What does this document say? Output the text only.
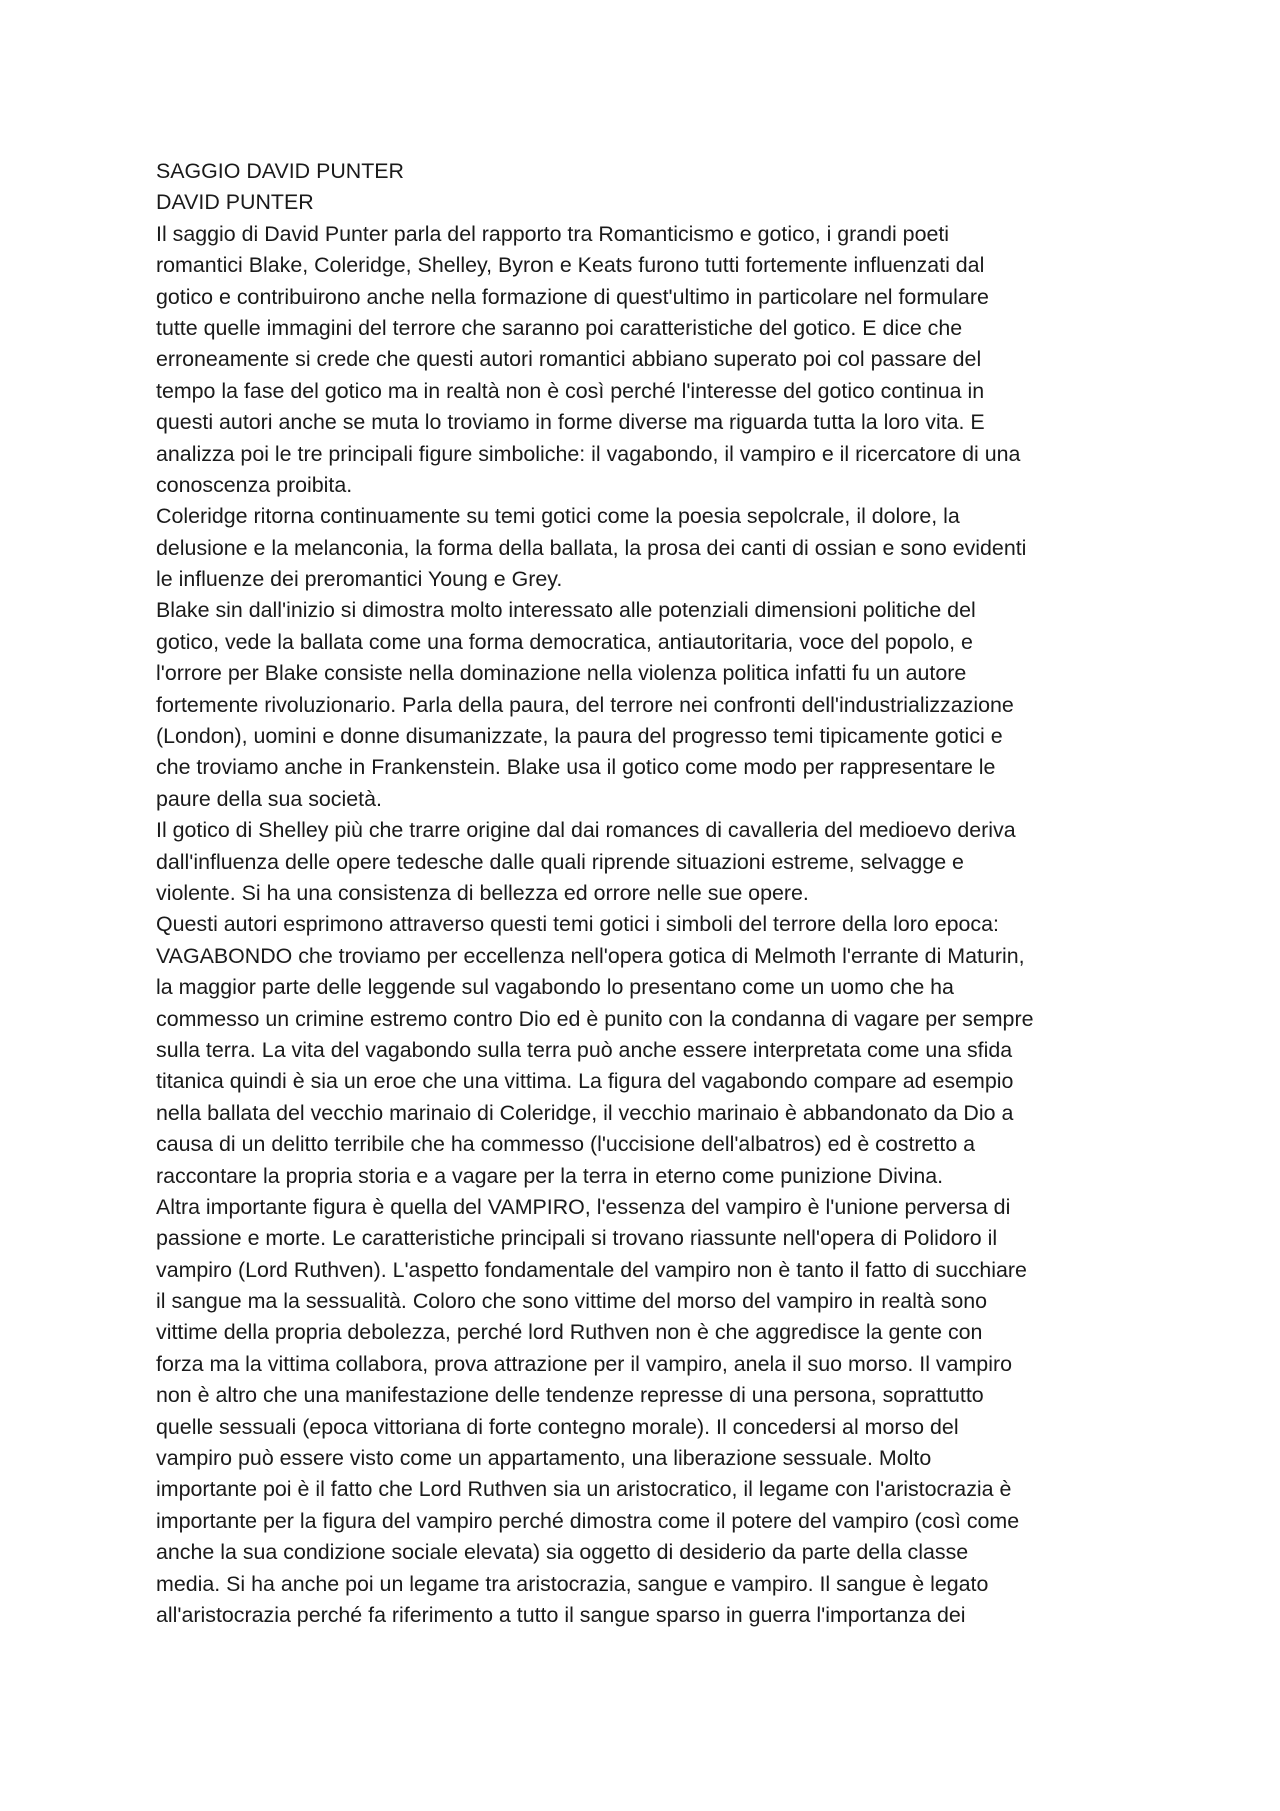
SAGGIO DAVID PUNTER
DAVID PUNTER
Il saggio di David Punter parla del rapporto tra Romanticismo e gotico, i grandi poeti
romantici Blake, Coleridge, Shelley, Byron e Keats furono tutti fortemente influenzati dal
gotico e contribuirono anche nella formazione di quest'ultimo in particolare nel formulare
tutte quelle immagini del terrore che saranno poi caratteristiche del gotico. E dice che
erroneamente si crede che questi autori romantici abbiano superato poi col passare del
tempo la fase del gotico ma in realtà non è così perché l'interesse del gotico continua in
questi autori anche se muta lo troviamo in forme diverse ma riguarda tutta la loro vita. E
analizza poi le tre principali figure simboliche: il vagabondo, il vampiro e il ricercatore di una
conoscenza proibita.
Coleridge ritorna continuamente su temi gotici come la poesia sepolcrale, il dolore, la
delusione e la melanconia, la forma della ballata, la prosa dei canti di ossian e sono evidenti
le influenze dei preromantici Young e Grey.
Blake sin dall'inizio si dimostra molto interessato alle potenziali dimensioni politiche del
gotico, vede la ballata come una forma democratica, antiautoritaria, voce del popolo, e
l'orrore per Blake consiste nella dominazione nella violenza politica infatti fu un autore
fortemente rivoluzionario. Parla della paura, del terrore nei confronti dell'industrializzazione
(London), uomini e donne disumanizzate, la paura del progresso temi tipicamente gotici e
che troviamo anche in Frankenstein. Blake usa il gotico come modo per rappresentare le
paure della sua società.
Il gotico di Shelley più che trarre origine dal dai romances di cavalleria del medioevo deriva
dall'influenza delle opere tedesche dalle quali riprende situazioni estreme, selvagge e
violente. Si ha una consistenza di bellezza ed orrore nelle sue opere.
Questi autori esprimono attraverso questi temi gotici i simboli del terrore della loro epoca:
VAGABONDO che troviamo per eccellenza nell'opera gotica di Melmoth l'errante di Maturin,
la maggior parte delle leggende sul vagabondo lo presentano come un uomo che ha
commesso un crimine estremo contro Dio ed è punito con la condanna di vagare per sempre
sulla terra. La vita del vagabondo sulla terra può anche essere interpretata come una sfida
titanica quindi è sia un eroe che una vittima. La figura del vagabondo compare ad esempio
nella ballata del vecchio marinaio di Coleridge, il vecchio marinaio è abbandonato da Dio a
causa di un delitto terribile che ha commesso (l'uccisione dell'albatros) ed è costretto a
raccontare la propria storia e a vagare per la terra in eterno come punizione Divina.
Altra importante figura è quella del VAMPIRO, l'essenza del vampiro è l'unione perversa di
passione e morte. Le caratteristiche principali si trovano riassunte nell'opera di Polidoro il
vampiro (Lord Ruthven). L'aspetto fondamentale del vampiro non è tanto il fatto di succhiare
il sangue ma la sessualità. Coloro che sono vittime del morso del vampiro in realtà sono
vittime della propria debolezza, perché lord Ruthven non è che aggredisce la gente con
forza ma la vittima collabora, prova attrazione per il vampiro, anela il suo morso. Il vampiro
non è altro che una manifestazione delle tendenze represse di una persona, soprattutto
quelle sessuali (epoca vittoriana di forte contegno morale). Il concedersi al morso del
vampiro può essere visto come un appartamento, una liberazione sessuale. Molto
importante poi è il fatto che Lord Ruthven sia un aristocratico, il legame con l'aristocrazia è
importante per la figura del vampiro perché dimostra come il potere del vampiro (così come
anche la sua condizione sociale elevata) sia oggetto di desiderio da parte della classe
media. Si ha anche poi un legame tra aristocrazia, sangue e vampiro. Il sangue è legato
all'aristocrazia perché fa riferimento a tutto il sangue sparso in guerra l'importanza dei
